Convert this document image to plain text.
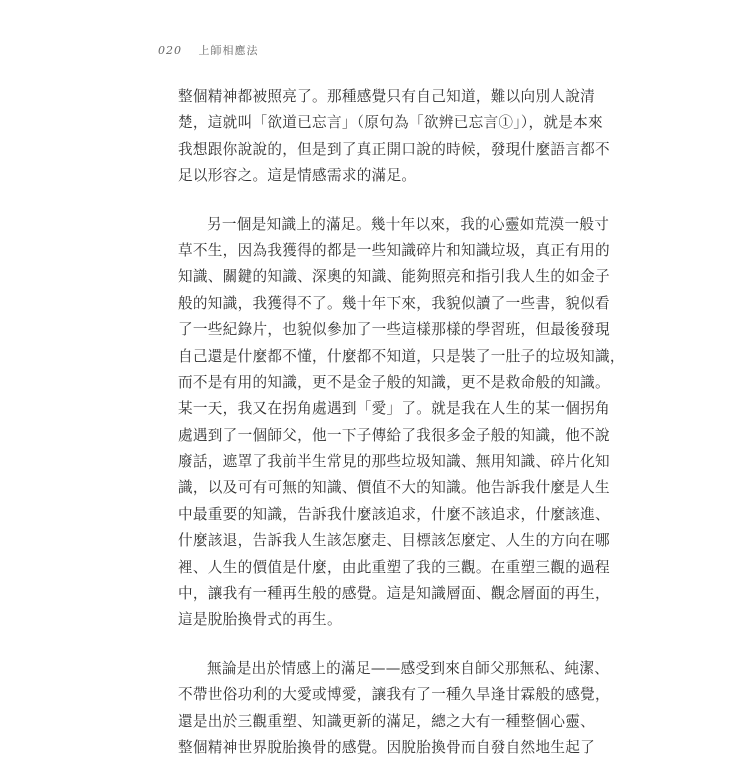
020 上師相應法
整個精神都被照亮了。那種感覺只有自己知道，難以向別人說清
楚，這就叫「欲道已忘言」（原句為「欲辨已忘言①」），就是本來
我想跟你說說的，但是到了真正開口說的時候，發現什麼語言都不
足以形容之。這是情感需求的滿足。
另一個是知識上的滿足。幾十年以來，我的心靈如荒漠一般寸
草不生，因為我獲得的都是一些知識碎片和知識垃圾，真正有用的
知識、關鍵的知識、深奧的知識、能夠照亮和指引我人生的如金子
般的知識，我獲得不了。幾十年下來，我貌似讀了一些書，貌似看
了一些紀錄片，也貌似參加了一些這樣那樣的學習班，但最後發現
自己還是什麼都不懂，什麼都不知道，只是裝了一肚子的垃圾知識，
而不是有用的知識，更不是金子般的知識，更不是救命般的知識。
某一天，我又在拐角處遇到「愛」了。就是我在人生的某一個拐角
處遇到了一個師父，他一下子傳給了我很多金子般的知識，他不說
廢話，遮罩了我前半生常見的那些垃圾知識、無用知識、碎片化知
識，以及可有可無的知識、價值不大的知識。他告訴我什麼是人生
中最重要的知識，告訴我什麼該追求，什麼不該追求，什麼該進、
什麼該退，告訴我人生該怎麼走、目標該怎麼定、人生的方向在哪
裡、人生的價值是什麼，由此重塑了我的三觀。在重塑三觀的過程
中，讓我有一種再生般的感覺。這是知識層面、觀念層面的再生，
這是脫胎換骨式的再生。
無論是出於情感上的滿足——感受到來自師父那無私、純潔、
不帶世俗功利的大愛或博愛，讓我有了一種久旱逢甘霖般的感覺，
還是出於三觀重塑、知識更新的滿足，總之大有一種整個心靈、
整個精神世界脫胎換骨的感覺。因脫胎換骨而自發自然地生起了
